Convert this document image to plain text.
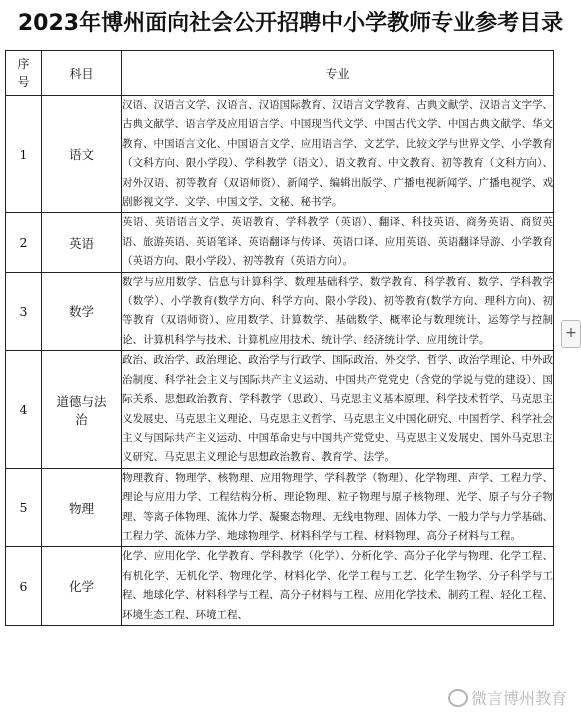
2023年博州面向社会公开招聘中小学教师专业参考目录
序号	科目	专业
1	语文	汉语、汉语言文学、汉语言、汉语国际教育、汉语言文学教育、古典文献学、汉语言文字学、古典文献学、语言学及应用语言学、中国现当代文学、中国古代文学、中国古典文献学、华文教育、中国语言文化、中国语言文学、应用语言学、文艺学、比较文学与世界文学、小学教育（文科方向、限小学段）、学科教学（语文）、语文教育、中文教育、初等教育（文科方向）、对外汉语、初等教育（双语师资）、新闻学、编辑出版学、广播电视新闻学、广播电视学、戏剧影视文学、文学、中国文学、文秘、秘书学。
2	英语	英语、英语语言文学、英语教育、学科教学（英语）、翻译、科技英语、商务英语、商贸英语、旅游英语、英语笔译、英语翻译与传译、英语口译、应用英语、英语翻译导游、小学教育（英语方向、限小学段）、初等教育（英语方向）。
3	数学	数学与应用数学、信息与计算科学、数理基础科学、数学教育、科学教育、数学、学科教学（数学）、小学教育(数学方向、科学方向、限小学段)、初等教育(数学方向、理科方向)、初等教育（双语师资）、应用数学、计算数学、基础数学、概率论与数理统计、运筹学与控制论、计算机科学与技术、计算机应用技术、统计学、经济统计学、应用统计学。
4	道德与法治	政治、政治学、政治理论、政治学与行政学、国际政治、外交学、哲学、政治学理论、中外政治制度、科学社会主义与国际共产主义运动、中国共产党党史（含党的学说与党的建设）、国际关系、思想政治教育、学科教学（思政）、马克思主义基本原理、科学技术哲学、马克思主义发展史、马克思主义理论、马克思主义哲学、马克思主义中国化研究、中国哲学、科学社会主义与国际共产主义运动、中国革命史与中国共产党党史、马克思主义发展史、国外马克思主义研究、马克思主义理论与思想政治教育、教育学、法学。
5	物理	物理教育、物理学、核物理、应用物理学、学科教学（物理）、化学物理、声学、工程力学、理论与应用力学、工程结构分析、理论物理、粒子物理与原子核物理、光学、原子与分子物理、等离子体物理、流体力学、凝聚态物理、无线电物理、固体力学、一般力学与力学基础、工程力学、流体力学、地球物理学、材料科学与工程、材料物理、高分子材料与工程。
6	化学	化学、应用化学、化学教育、学科教学（化学）、分析化学、高分子化学与物理、化学工程、有机化学、无机化学、物理化学、材料化学、化学工程与工艺、化学生物学、分子科学与工程、地球化学、材料科学与工程、高分子材料与工程、应用化学技术、制药工程、轻化工程、环境生态工程、环境工程、
+
微言博州教育
